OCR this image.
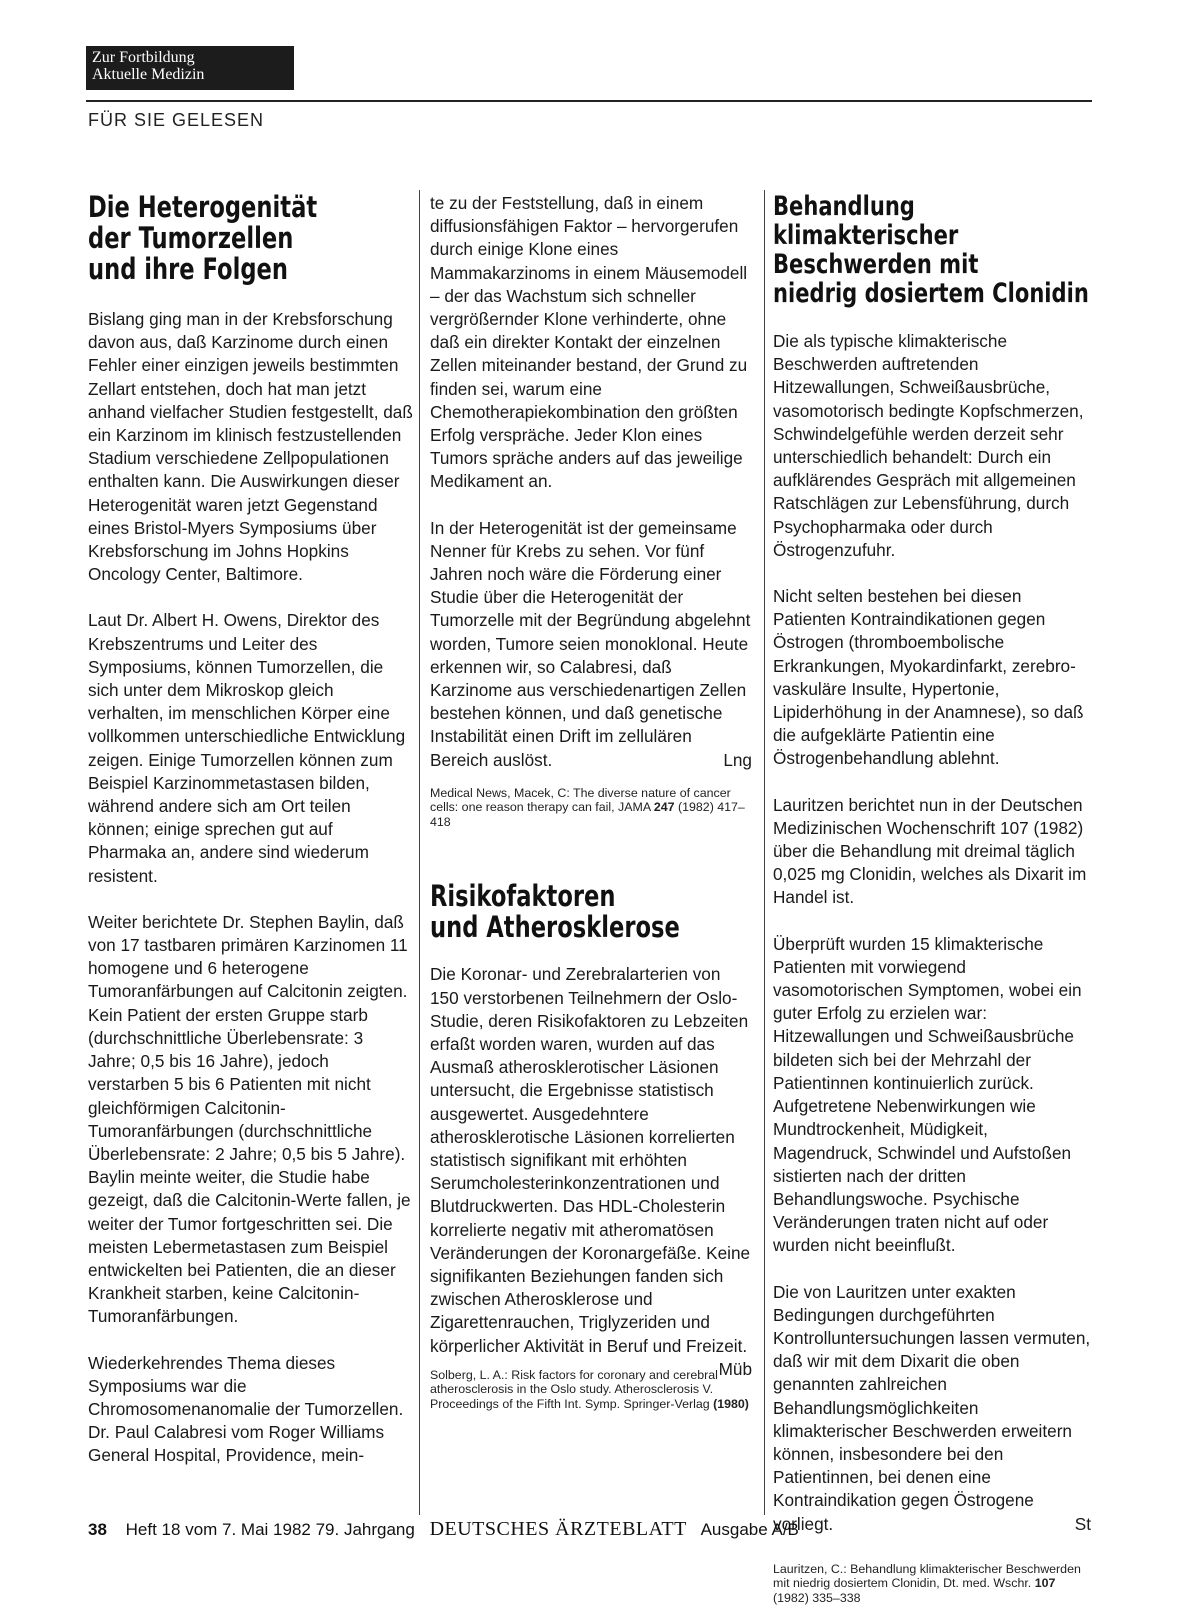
Zur Fortbildung
Aktuelle Medizin
FÜR SIE GELESEN
Die Heterogenität
der Tumorzellen
und ihre Folgen

Bislang ging man in der Krebsforschung davon aus, daß Karzinome durch einen Fehler einer einzigen jeweils bestimmten Zellart entstehen, doch hat man jetzt anhand vielfacher Studien festgestellt, daß ein Karzinom im klinisch festzustellenden Stadium verschiedene Zellpopulationen enthalten kann. Die Auswirkungen dieser Heterogenität waren jetzt Gegenstand eines Bristol-Myers Symposiums über Krebsforschung im Johns Hopkins Oncology Center, Baltimore.

Laut Dr. Albert H. Owens, Direktor des Krebszentrums und Leiter des Symposiums, können Tumorzellen, die sich unter dem Mikroskop gleich verhalten, im menschlichen Körper eine vollkommen unterschiedliche Entwicklung zeigen. Einige Tumorzellen können zum Beispiel Karzinommetastasen bilden, während andere sich am Ort teilen können; einige sprechen gut auf Pharmaka an, andere sind wiederum resistent.

Weiter berichtete Dr. Stephen Baylin, daß von 17 tastbaren primären Karzinomen 11 homogene und 6 heterogene Tumoranfärbungen auf Calcitonin zeigten. Kein Patient der ersten Gruppe starb (durchschnittliche Überlebensrate: 3 Jahre; 0,5 bis 16 Jahre), jedoch verstarben 5 bis 6 Patienten mit nicht gleichförmigen Calcitonin-Tumoranfärbungen (durchschnittliche Überlebensrate: 2 Jahre; 0,5 bis 5 Jahre). Baylin meinte weiter, die Studie habe gezeigt, daß die Calcitonin-Werte fallen, je weiter der Tumor fortgeschritten sei. Die meisten Lebermetastasen zum Beispiel entwickelten bei Patienten, die an dieser Krankheit starben, keine Calcitonin-Tumoranfärbungen.

Wiederkehrendes Thema dieses Symposiums war die Chromosomenanomalie der Tumorzellen. Dr. Paul Calabresi vom Roger Williams General Hospital, Providence, mein-

te zu der Feststellung, daß in einem diffusionsfähigen Faktor – hervorgerufen durch einige Klone eines Mammakarzinoms in einem Mäusemodell – der das Wachstum sich schneller vergrößernder Klone verhinderte, ohne daß ein direkter Kontakt der einzelnen Zellen miteinander bestand, der Grund zu finden sei, warum eine Chemotherapiekombination den größten Erfolg verspräche. Jeder Klon eines Tumors spräche anders auf das jeweilige Medikament an.

In der Heterogenität ist der gemeinsame Nenner für Krebs zu sehen. Vor fünf Jahren noch wäre die Förderung einer Studie über die Heterogenität der Tumorzelle mit der Begründung abgelehnt worden, Tumore seien monoklonal. Heute erkennen wir, so Calabresi, daß Karzinome aus verschiedenartigen Zellen bestehen können, und daß genetische Instabilität einen Drift im zellulären Bereich auslöst.	Lng

Medical News, Macek, C: The diverse nature of cancer cells: one reason therapy can fail, JAMA 247 (1982) 417–418
Risikofaktoren
und Atherosklerose

Die Koronar- und Zerebralarterien von 150 verstorbenen Teilnehmern der Oslo-Studie, deren Risikofaktoren zu Lebzeiten erfaßt worden waren, wurden auf das Ausmaß atherosklerotischer Läsionen untersucht, die Ergebnisse statistisch ausgewertet. Ausgedehntere atherosklerotische Läsionen korrelierten statistisch signifikant mit erhöhten Serumcholesterinkonzentrationen und Blutdruckwerten. Das HDL-Cholesterin korrelierte negativ mit atheromatösen Veränderungen der Koronargefäße. Keine signifikanten Beziehungen fanden sich zwischen Atherosklerose und Zigarettenrauchen, Triglyzeriden und körperlicher Aktivität in Beruf und Freizeit.
Müb

Solberg, L. A.: Risk factors for coronary and cerebral atherosclerosis in the Oslo study. Atherosclerosis V. Proceedings of the Fifth Int. Symp. Springer-Verlag (1980)
Behandlung klimakterischer
Beschwerden mit
niedrig dosiertem Clonidin

Die als typische klimakterische Beschwerden auftretenden Hitzewallungen, Schweißausbrüche, vasomotorisch bedingte Kopfschmerzen, Schwindelgefühle werden derzeit sehr unterschiedlich behandelt: Durch ein aufklärendes Gespräch mit allgemeinen Ratschlägen zur Lebensführung, durch Psychopharmaka oder durch Östrogenzufuhr.

Nicht selten bestehen bei diesen Patienten Kontraindikationen gegen Östrogen (thromboembolische Erkrankungen, Myokardinfarkt, zerebro-vaskuläre Insulte, Hypertonie, Lipiderhöhung in der Anamnese), so daß die aufgeklärte Patientin eine Östrogenbehandlung ablehnt.

Lauritzen berichtet nun in der Deutschen Medizinischen Wochenschrift 107 (1982) über die Behandlung mit dreimal täglich 0,025 mg Clonidin, welches als Dixarit im Handel ist.

Überprüft wurden 15 klimakterische Patienten mit vorwiegend vasomotorischen Symptomen, wobei ein guter Erfolg zu erzielen war: Hitzewallungen und Schweißausbrüche bildeten sich bei der Mehrzahl der Patientinnen kontinuierlich zurück. Aufgetretene Nebenwirkungen wie Mundtrockenheit, Müdigkeit, Magendruck, Schwindel und Aufstoßen sistierten nach der dritten Behandlungswoche. Psychische Veränderungen traten nicht auf oder wurden nicht beeinflußt.

Die von Lauritzen unter exakten Bedingungen durchgeführten Kontrolluntersuchungen lassen vermuten, daß wir mit dem Dixarit die oben genannten zahlreichen Behandlungsmöglichkeiten klimakterischer Beschwerden erweitern können, insbesondere bei den Patientinnen, bei denen eine Kontraindikation gegen Östrogene vorliegt.	St

Lauritzen, C.: Behandlung klimakterischer Beschwerden mit niedrig dosiertem Clonidin, Dt. med. Wschr. 107 (1982) 335–338
38 Heft 18 vom 7. Mai 1982 79. Jahrgang DEUTSCHES ÄRZTEBLATT Ausgabe A/B
